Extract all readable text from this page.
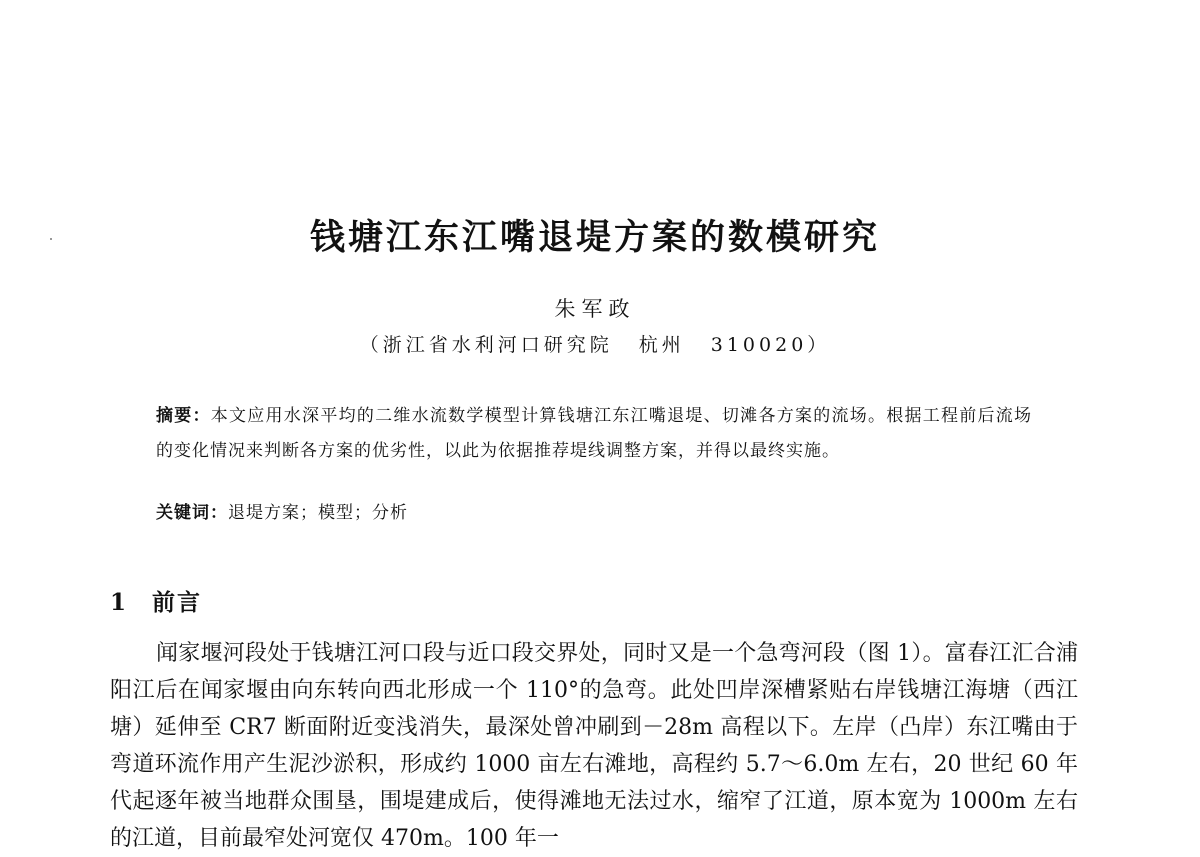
钱塘江东江嘴退堤方案的数模研究
朱军政
（浙江省水利河口研究院 杭州 310020）

摘要：本文应用水深平均的二维水流数学模型计算钱塘江东江嘴退堤、切滩各方案的流场。根据工程前后流场的变化情况来判断各方案的优劣性，以此为依据推荐堤线调整方案，并得以最终实施。

关键词：退堤方案；模型；分析

1 前言

闻家堰河段处于钱塘江河口段与近口段交界处，同时又是一个急弯河段（图 1）。富春江汇合浦阳江后在闻家堰由向东转向西北形成一个 110°的急弯。此处凹岸深槽紧贴右岸钱塘江海塘（西江塘）延伸至 CR7 断面附近变浅消失，最深处曾冲刷到－28m 高程以下。左岸（凸岸）东江嘴由于弯道环流作用产生泥沙淤积，形成约 1000 亩左右滩地，高程约 5.7～6.0m 左右，20 世纪 60 年代起逐年被当地群众围垦，围堤建成后，使得滩地无法过水，缩窄了江道，原本宽为 1000m 左右的江道，目前最窄处河宽仅 470m。100 年一
